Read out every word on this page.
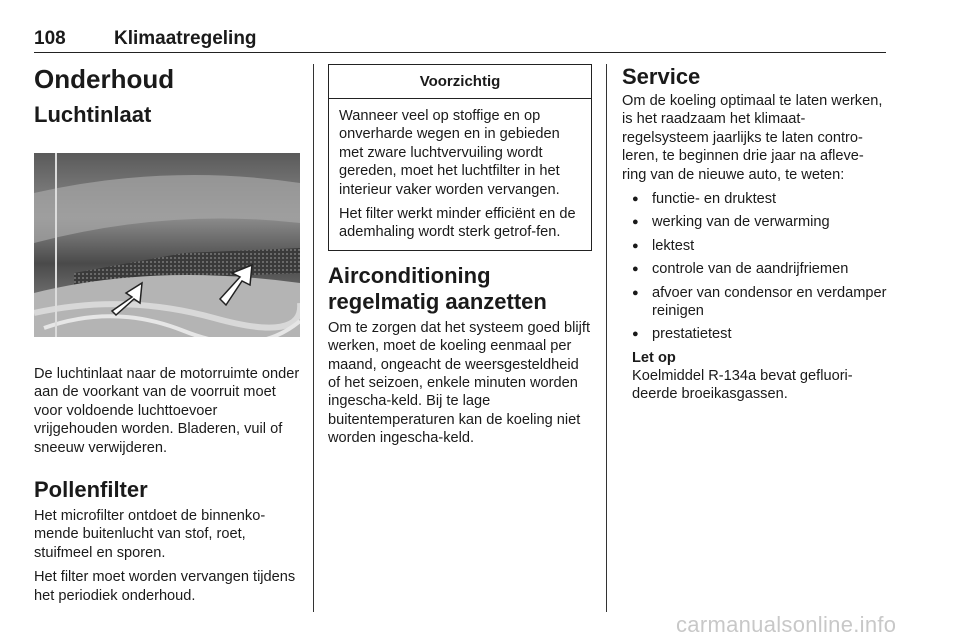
108	Klimaatregeling
Onderhoud
Luchtinlaat

De luchtinlaat naar de motorruimte onder aan de voorkant van de voorruit moet voor voldoende luchttoevoer vrijgehouden worden. Bladeren, vuil of sneeuw verwijderen.

Pollenfilter

Het microfilter ontdoet de binnenko-mende buitenlucht van stof, roet, stuifmeel en sporen.

Het filter moet worden vervangen tijdens het periodiek onderhoud.

Voorzichtig

Wanneer veel op stoffige en op onverharde wegen en in gebieden met zware luchtvervuiling wordt gereden, moet het luchtfilter in het interieur vaker worden vervangen.

Het filter werkt minder efficiënt en de ademhaling wordt sterk getrof-fen.

Airconditioning regelmatig aanzetten

Om te zorgen dat het systeem goed blijft werken, moet de koeling eenmaal per maand, ongeacht de weersgesteldheid of het seizoen, enkele minuten worden ingescha-keld. Bij te lage buitentemperaturen kan de koeling niet worden ingescha-keld.

Service

Om de koeling optimaal te laten werken, is het raadzaam het klimaat-regelsysteem jaarlijks te laten contro-leren, te beginnen drie jaar na afleve-ring van de nieuwe auto, te weten:

● functie- en druktest
● werking van de verwarming
● lektest
● controle van de aandrijfriemen
● afvoer van condensor en verdamper reinigen
● prestatietest
Let op

Koelmiddel R-134a bevat gefluori-deerde broeikasgassen.

carmanualsonline.info
